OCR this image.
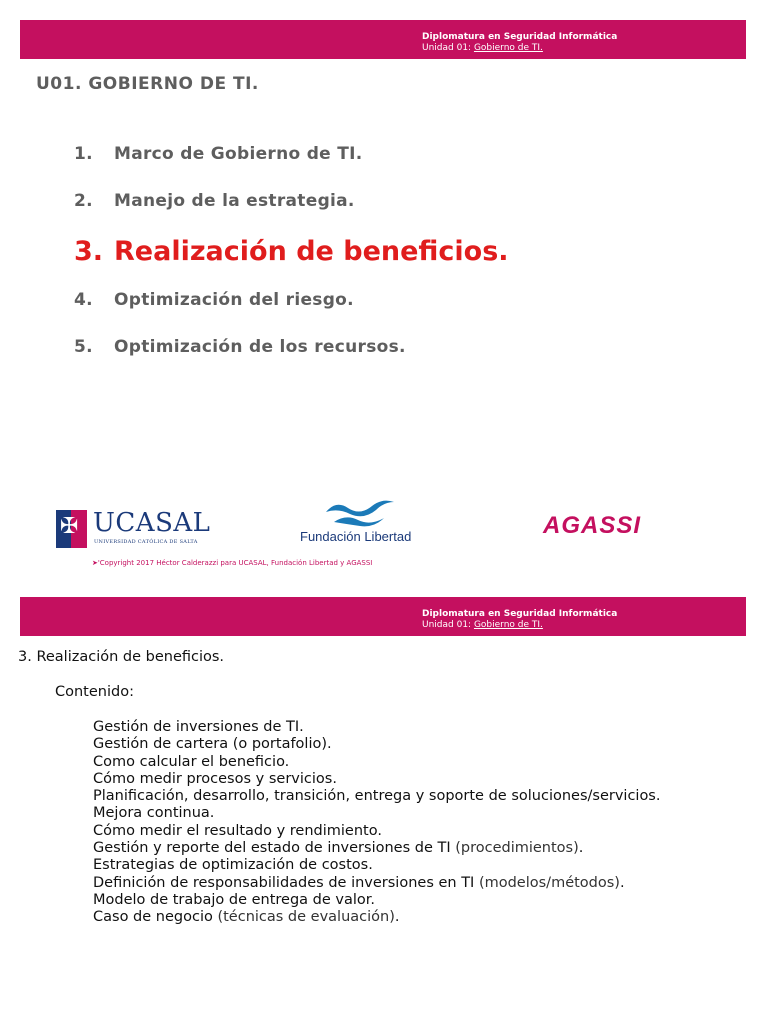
Diplomatura en Seguridad Informática
Unidad 01: Gobierno de TI.
U01. GOBIERNO DE TI.
1. Marco de Gobierno de TI.
2. Manejo de la estrategia.
3. Realización de beneficios.
4. Optimización del riesgo.
5. Optimización de los recursos.
✠
UCASAL
UNIVERSIDAD CATÓLICA DE SALTA	Fundación Libertad	AGASSI
➤'Copyright 2017 Héctor Calderazzi para UCASAL, Fundación Libertad y AGASSI
Diplomatura en Seguridad Informática
Unidad 01: Gobierno de TI.
3. Realización de beneficios.
Contenido:
Gestión de inversiones de TI.
Gestión de cartera (o portafolio).
Como calcular el beneficio.
Cómo medir procesos y servicios.
Planificación, desarrollo, transición, entrega y soporte de soluciones/servicios.
Mejora continua.
Cómo medir el resultado y rendimiento.
Gestión y reporte del estado de inversiones de TI (procedimientos).
Estrategias de optimización de costos.
Definición de responsabilidades de inversiones en TI (modelos/métodos).
Modelo de trabajo de entrega de valor.
Caso de negocio (técnicas de evaluación).
